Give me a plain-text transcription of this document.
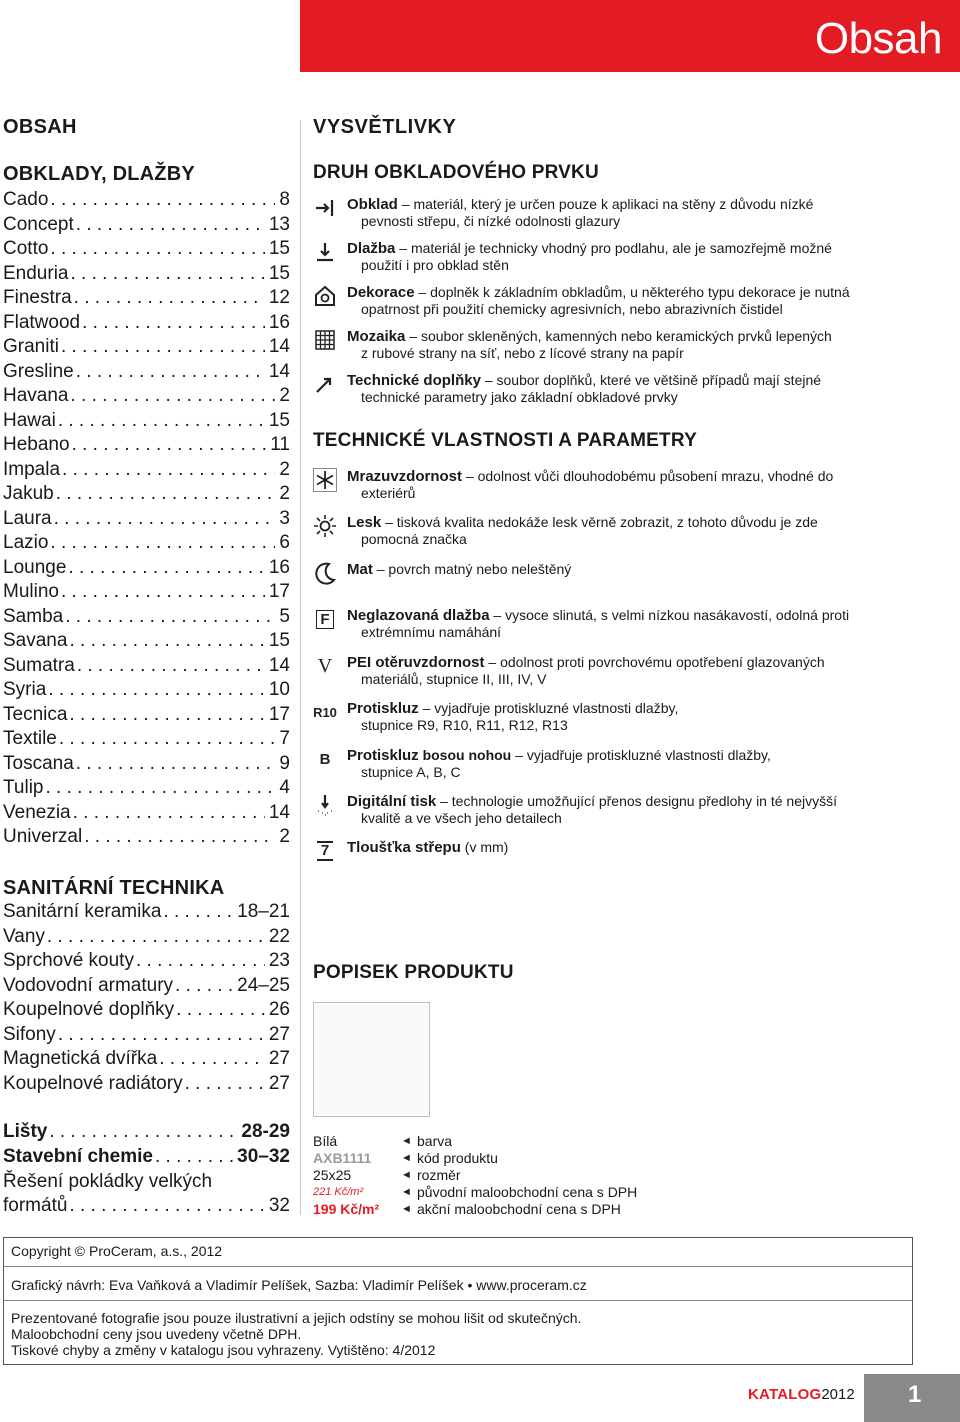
Obsah
OBSAH
OBKLADY, DLAŽBY
Cado . . .	8
Concept . . .	13
Cotto . . .	15
Enduria . . .	15
Finestra . . .	12
Flatwood . . .	16
Graniti . . .	14
Gresline . . .	14
Havana . . .	2
Hawai . . .	15
Hebano . . .	11
Impala . . .	2
Jakub . . .	2
Laura . . .	3
Lazio . . .	6
Lounge . . .	16
Mulino . . .	17
Samba . . .	5
Savana . . .	15
Sumatra . . .	14
Syria . . .	10
Tecnica . . .	17
Textile . . .	7
Toscana . . .	9
Tulip . . .	4
Venezia . . .	14
Univerzal . . .	2
SANITÁRNÍ TECHNIKA
Sanitární keramika . . .	18–21
Vany . . .	22
Sprchové kouty . . .	23
Vodovodní armatury . . .	24–25
Koupelnové doplňky . . .	26
Sifony . . .	27
Magnetická dvířka . . .	27
Koupelnové radiátory . . .	27
Lišty . . .	28-29
Stavební chemie . . .	30–32
Řešení pokládky velkých
formátů . . .	32
VYSVĚTLIVKY
DRUH OBKLADOVÉHO PRVKU
Obklad – materiál, který je určen pouze k aplikaci na stěny z důvodu nízké
pevnosti střepu, či nízké odolnosti glazury
Dlažba – materiál je technicky vhodný pro podlahu, ale je samozřejmě možné
použití i pro obklad stěn
Dekorace – doplněk k základním obkladům, u některého typu dekorace je nutná
opatrnost při použití chemicky agresivních, nebo abrazivních čistidel
Mozaika – soubor skleněných, kamenných nebo keramických prvků lepených
z rubové strany na síť, nebo z lícové strany na papír
Technické doplňky – soubor doplňků, které ve většině případů mají stejné
technické parametry jako základní obkladové prvky
TECHNICKÉ VLASTNOSTI A PARAMETRY
Mrazuvzdornost – odolnost vůči dlouhodobému působení mrazu, vhodné do
exteriérů
Lesk – tisková kvalita nedokáže lesk věrně zobrazit, z tohoto důvodu je zde
pomocná značka
Mat – povrch matný nebo neleštěný
F Neglazovaná dlažba – vysoce slinutá, s velmi nízkou nasákavostí, odolná proti
extrémnímu namáhání
V PEI otěruvzdornost – odolnost proti povrchovému opotřebení glazovaných
materiálů, stupnice II, III, IV, V
R10 Protiskluz – vyjadřuje protiskluzné vlastnosti dlažby,
stupnice R9, R10, R11, R12, R13
B Protiskluz bosou nohou – vyjadřuje protiskluzné vlastnosti dlažby,
stupnice A, B, C
Digitální tisk – technologie umožňující přenos designu předlohy in té nejvyšší
kvalitě a ve všech jeho detailech
7 Tloušťka střepu (v mm)
POPISEK PRODUKTU
Bílá	◄ barva
AXB1111	◄ kód produktu
25x25	◄ rozměr
221 Kč/m²	◄ původní maloobchodní cena s DPH
199 Kč/m²	◄ akční maloobchodní cena s DPH
Copyright © ProCeram, a.s., 2012
Grafický návrh: Eva Vaňková a Vladimír Pelíšek, Sazba: Vladimír Pelíšek • www.proceram.cz
Prezentované fotografie jsou pouze ilustrativní a jejich odstíny se mohou lišit od skutečných.
Maloobchodní ceny jsou uvedeny včetně DPH.
Tiskové chyby a změny v katalogu jsou vyhrazeny. Vytištěno: 4/2012
KATALOG2012 1
